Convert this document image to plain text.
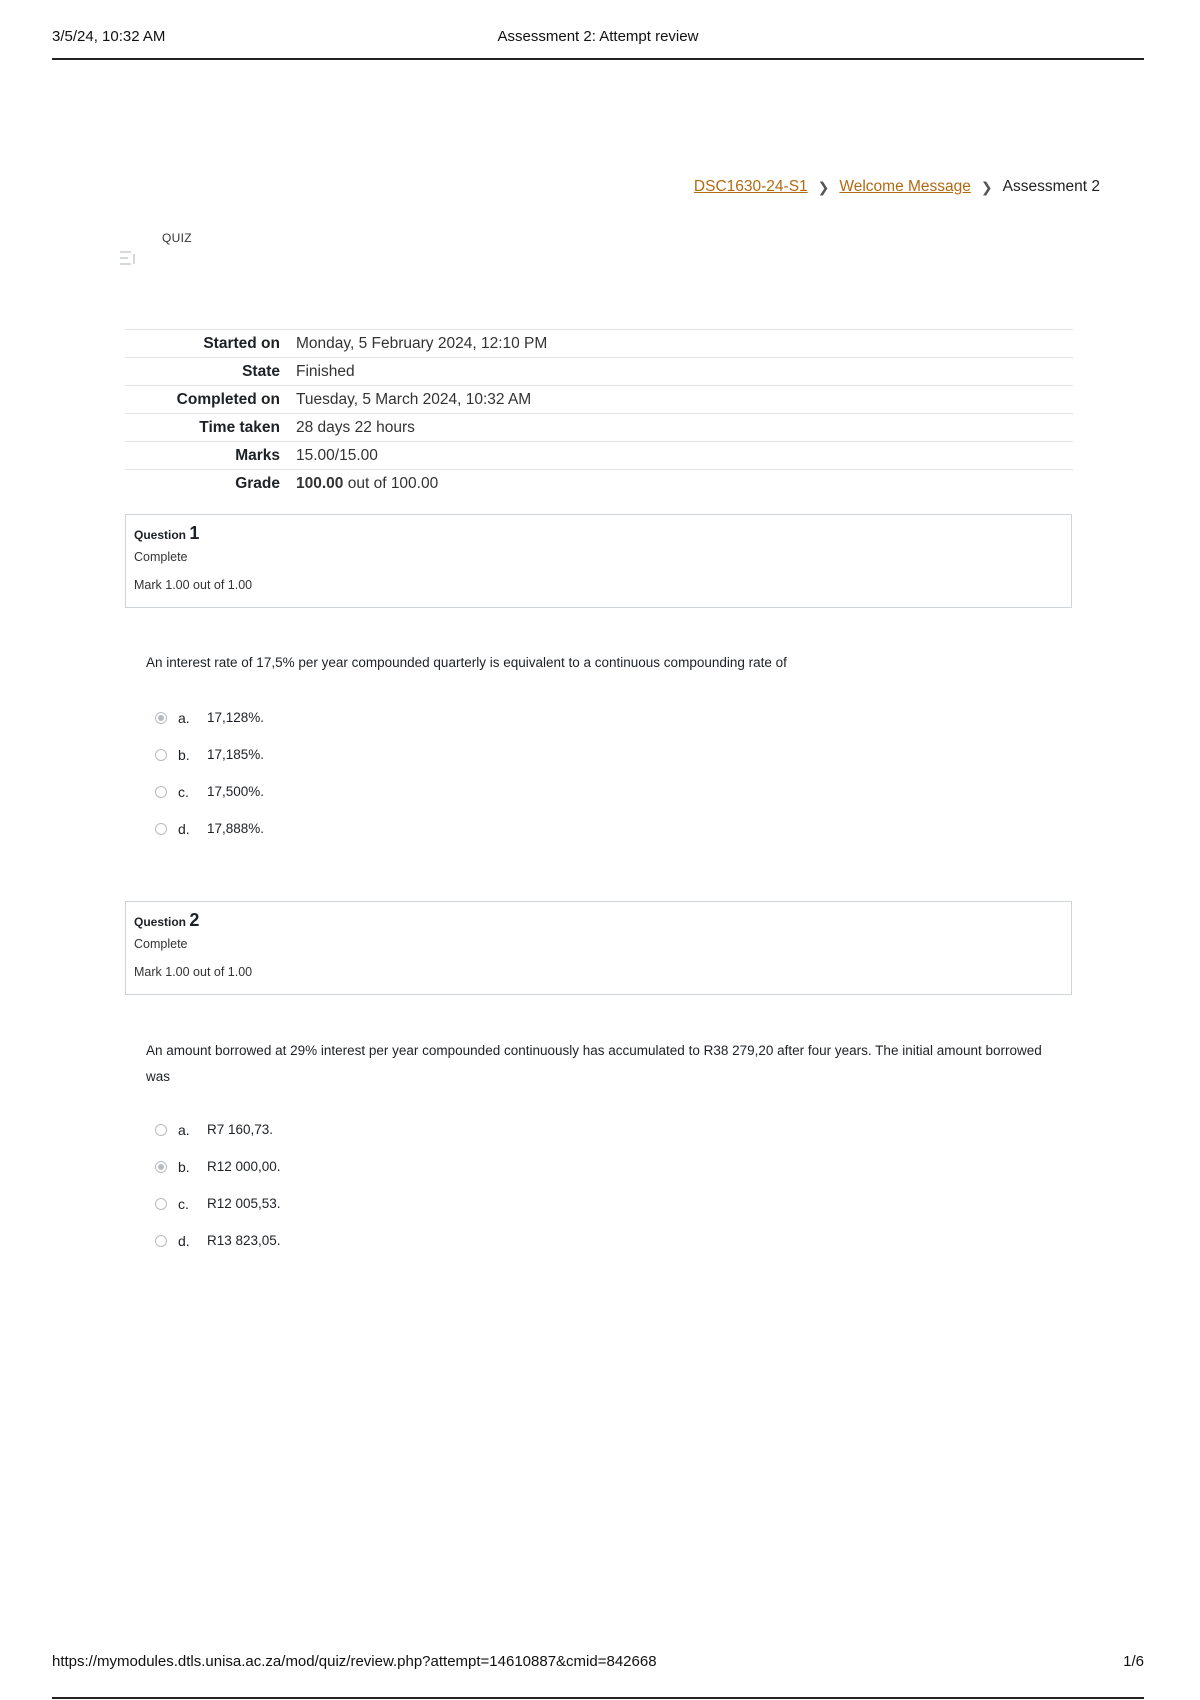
3/5/24, 10:32 AM	Assessment 2: Attempt review
DSC1630-24-S1 ❯ Welcome Message ❯ Assessment 2
QUIZ
Started on	Monday, 5 February 2024, 12:10 PM
State	Finished
Completed on	Tuesday, 5 March 2024, 10:32 AM
Time taken	28 days 22 hours
Marks	15.00/15.00
Grade	100.00 out of 100.00
Question 1
Complete
Mark 1.00 out of 1.00
An interest rate of 17,5% per year compounded quarterly is equivalent to a continuous compounding rate of
a.	17,128%.
b.	17,185%.
c.	17,500%.
d.	17,888%.
Question 2
Complete
Mark 1.00 out of 1.00
An amount borrowed at 29% interest per year compounded continuously has accumulated to R38 279,20 after four years. The initial amount borrowed was
a.	R7 160,73.
b.	R12 000,00.
c.	R12 005,53.
d.	R13 823,05.
https://mymodules.dtls.unisa.ac.za/mod/quiz/review.php?attempt=14610887&cmid=842668	1/6
